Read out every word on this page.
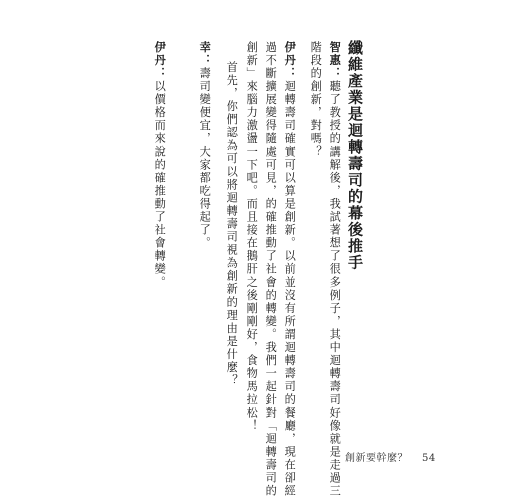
纖維產業是迴轉壽司的幕後推手
智惠：聽了教授的講解後，我試著想了很多例子，其中迴轉壽司好像就是走過三
階段的創新，對嗎？
伊丹：迴轉壽司確實可以算是創新。以前並沒有所謂迴轉壽司的餐廳，現在卻經
過不斷擴展變得隨處可見，的確推動了社會的轉變。我們一起針對「迴轉壽司的
創新」來腦力激盪一下吧。而且接在鵝肝之後剛剛好，食物馬拉松！
首先，你們認為可以將迴轉壽司視為創新的理由是什麼？
幸：壽司變便宜，大家都吃得起了。
伊丹：以價格而來說的確推動了社會轉變。
創新要幹麼？ 54
